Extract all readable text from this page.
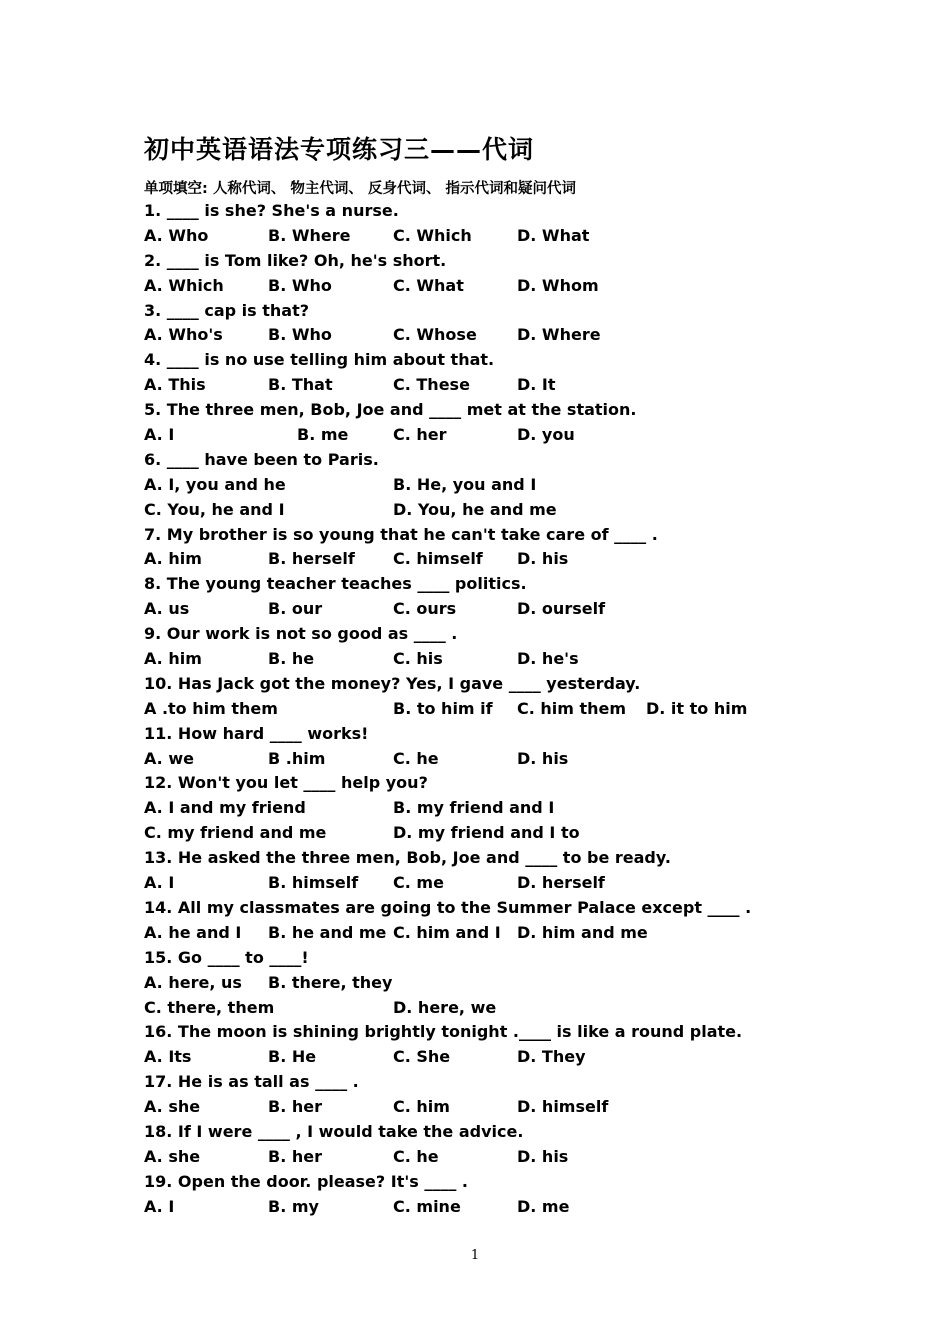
初中英语语法专项练习三——代词
单项填空: 人称代词、 物主代词、 反身代词、 指示代词和疑问代词
1. ____ is she? She's a nurse.
A. Who	B. Where	C. Which	D. What
2. ____ is Tom like? Oh, he's short.
A. Which	B. Who	C. What	D. Whom
3. ____ cap is that?
A. Who's	B. Who	C. Whose	D. Where
4. ____ is no use telling him about that.
A. This	B. That	C. These	D. It
5. The three men, Bob, Joe and ____ met at the station.
A. I	B. me	C. her	D. you
6. ____ have been to Paris.
A. I, you and he	B. He, you and I
C. You, he and I	D. You, he and me
7. My brother is so young that he can't take care of ____ .
A. him	B. herself C. himself D. his
8. The young teacher teaches ____ politics.
A. us	B. our	C. ours	D. ourself
9. Our work is not so good as ____ .
A. him	B. he	C. his	D. he's
10. Has Jack got the money? Yes, I gave ____ yesterday.
A .to him them	B. to him if C. him them D. it to him
11. How hard ____ works!
A. we	B .him	C. he	D. his
12. Won't you let ____ help you?
A. I and my friend	B. my friend and I
C. my friend and me	D. my friend and I to
13. He asked the three men, Bob, Joe and ____ to be ready.
A. I	B. himself C. me	D. herself
14. All my classmates are going to the Summer Palace except ____ .
A. he and I B. he and me C. him and I D. him and me
15. Go ____ to ____!
A. here, us B. there, they
C. there, them	D. here, we
16. The moon is shining brightly tonight .____ is like a round plate.
A. Its	B. He	C. She	D. They
17. He is as tall as ____ .
A. she	B. her	C. him	D. himself
18. If I were ____ , I would take the advice.
A. she	B. her	C. he	D. his
19. Open the door. please? It's ____ .
A. I	B. my	C. mine	D. me
1
